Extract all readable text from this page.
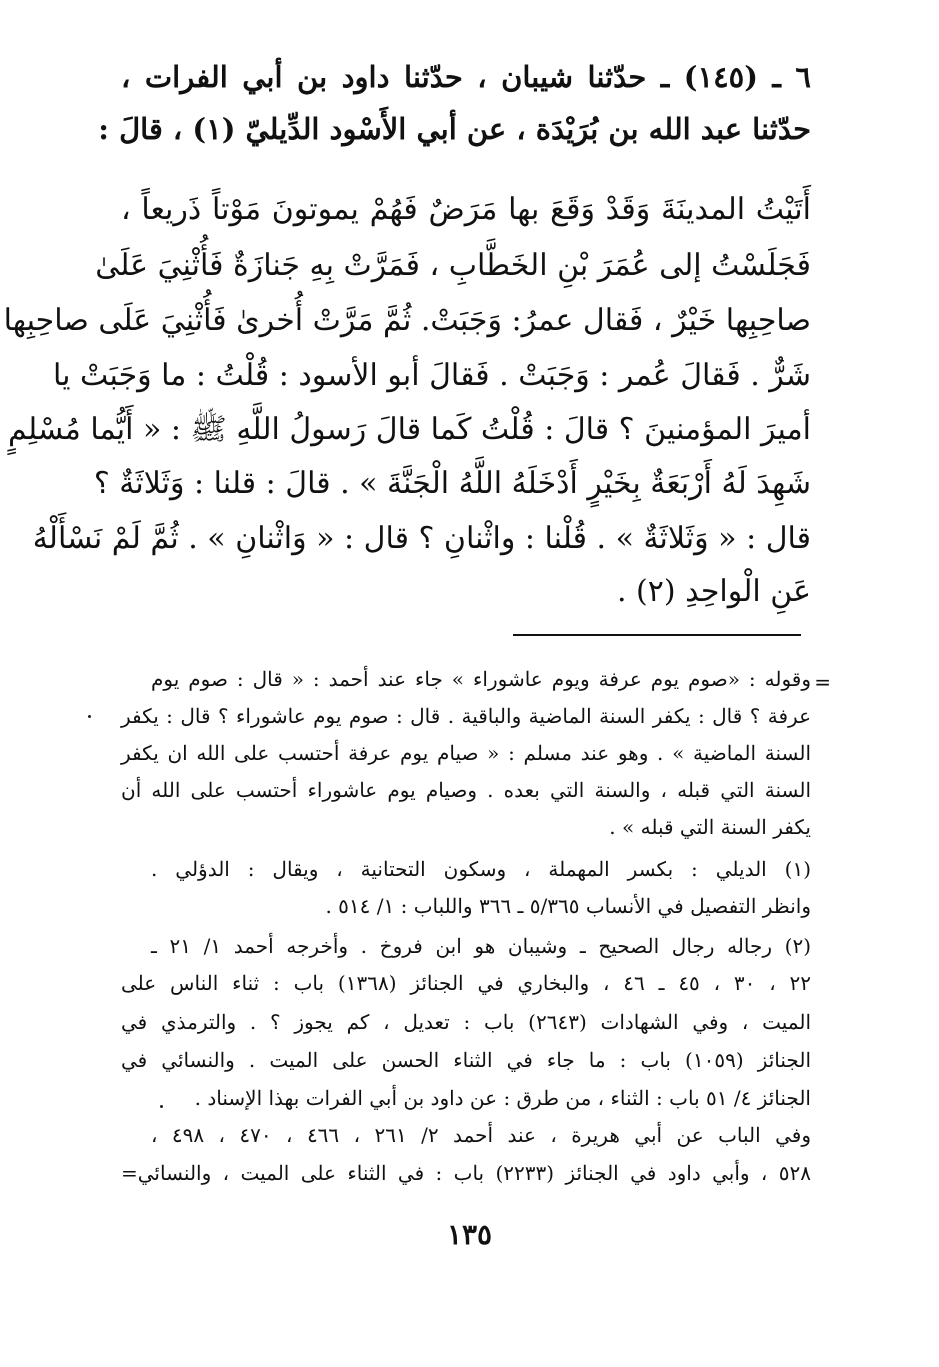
٦ ـ (١٤٥) ـ حدّثنا شيبان ، حدّثنا داود بن أبي الفرات ،
حدّثنا عبد الله بن بُرَيْدَة ، عن أبي الأَسْود الدِّيليّ (١) ، قالَ :
أَتَيْتُ المدينَةَ وَقَدْ وَقَعَ بها مَرَضٌ فَهُمْ يموتونَ مَوْتاً ذَريعاً ،
فَجَلَسْتُ إلى عُمَرَ بْنِ الخَطَّابِ ، فَمَرَّتْ بِهِ جَنازَةٌ فَأُثْنِيَ عَلَىٰ
صاحِبِها خَيْرٌ ، فَقال عمرُ: وَجَبَتْ. ثُمَّ مَرَّتْ أُخرىٰ فَأُثْنِيَ عَلَى صاحِبِها
شَرٌّ . فَقالَ عُمر : وَجَبَتْ . فَقالَ أبو الأسود : قُلْتُ : ما وَجَبَتْ يا
أميرَ المؤمنينَ ؟ قالَ : قُلْتُ كَما قالَ رَسولُ اللَّهِ ﷺ : « أَيُّما مُسْلِمٍ
شَهِدَ لَهُ أَرْبَعَةٌ بِخَيْرٍ أَدْخَلَهُ اللَّهُ الْجَنَّةَ » . قالَ : قلنا : وَثَلاثَةٌ ؟
قال : « وَثَلاثَةٌ » . قُلْنا : واثْنانِ ؟ قال : « وَاثْنانِ » . ثُمَّ لَمْ نَسْأَلْهُ
عَنِ الْواحِدِ (٢) .
=
وقوله : «صوم يوم عرفة ويوم عاشوراء » جاء عند أحمد : « قال : صوم يوم
عرفة ؟ قال : يكفر السنة الماضية والباقية . قال : صوم يوم عاشوراء ؟ قال : يكفر
السنة الماضية » . وهو عند مسلم : « صيام يوم عرفة أحتسب على الله ان يكفر
السنة التي قبله ، والسنة التي بعده . وصيام يوم عاشوراء أحتسب على الله أن
يكفر السنة التي قبله » .
(١) الديلي : بكسر المهملة ، وسكون التحتانية ، ويقال : الدؤلي .
وانظر التفصيل في الأنساب ٥/٣٦٥ ـ ٣٦٦ واللباب : ١/ ٥١٤ .
(٢) رجاله رجال الصحيح ـ وشيبان هو ابن فروخ . وأخرجه أحمد ١/ ٢١ ـ
٢٢ ، ٣٠ ، ٤٥ ـ ٤٦ ، والبخاري في الجنائز (١٣٦٨) باب : ثناء الناس على
الميت ، وفي الشهادات (٢٦٤٣) باب : تعديل ، كم يجوز ؟ . والترمذي في
الجنائز (١٠٥٩) باب : ما جاء في الثناء الحسن على الميت . والنسائي في
الجنائز ٤/ ٥١ باب : الثناء ، من طرق : عن داود بن أبي الفرات بهذا الإسناد .
وفي الباب عن أبي هريرة ، عند أحمد ٢/ ٢٦١ ، ٤٦٦ ، ٤٧٠ ، ٤٩٨ ،
٥٢٨ ، وأبي داود في الجنائز (٢٢٣٣) باب : في الثناء على الميت ، والنسائي=
١٣٥
